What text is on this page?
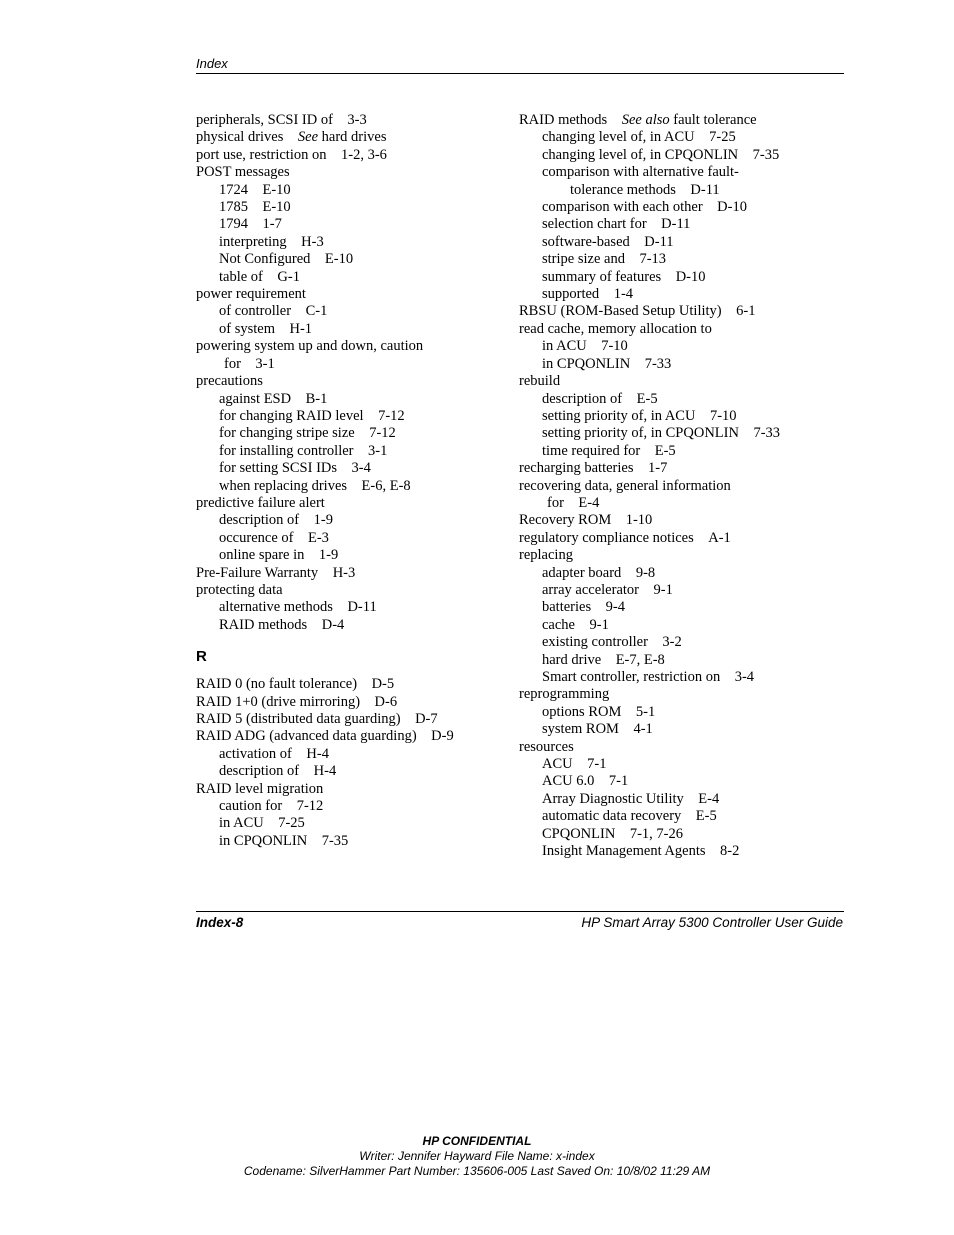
Index
peripherals, SCSI ID of  3-3
physical drives  See hard drives
port use, restriction on  1-2, 3-6
POST messages
1724  E-10
1785  E-10
1794  1-7
interpreting  H-3
Not Configured  E-10
table of  G-1
power requirement
of controller  C-1
of system  H-1
powering system up and down, caution
for  3-1
precautions
against ESD  B-1
for changing RAID level  7-12
for changing stripe size  7-12
for installing controller  3-1
for setting SCSI IDs  3-4
when replacing drives  E-6, E-8
predictive failure alert
description of  1-9
occurence of  E-3
online spare in  1-9
Pre-Failure Warranty  H-3
protecting data
alternative methods  D-11
RAID methods  D-4
R
RAID 0 (no fault tolerance)  D-5
RAID 1+0 (drive mirroring)  D-6
RAID 5 (distributed data guarding)  D-7
RAID ADG (advanced data guarding)  D-9
activation of  H-4
description of  H-4
RAID level migration
caution for  7-12
in ACU  7-25
in CPQONLIN  7-35
RAID methods  See also fault tolerance
changing level of, in ACU  7-25
changing level of, in CPQONLIN  7-35
comparison with alternative fault-
tolerance methods  D-11
comparison with each other  D-10
selection chart for  D-11
software-based  D-11
stripe size and  7-13
summary of features  D-10
supported  1-4
RBSU (ROM-Based Setup Utility)  6-1
read cache, memory allocation to
in ACU  7-10
in CPQONLIN  7-33
rebuild
description of  E-5
setting priority of, in ACU  7-10
setting priority of, in CPQONLIN  7-33
time required for  E-5
recharging batteries  1-7
recovering data, general information
for  E-4
Recovery ROM  1-10
regulatory compliance notices  A-1
replacing
adapter board  9-8
array accelerator  9-1
batteries  9-4
cache  9-1
existing controller  3-2
hard drive  E-7, E-8
Smart controller, restriction on  3-4
reprogramming
options ROM  5-1
system ROM  4-1
resources
ACU  7-1
ACU 6.0  7-1
Array Diagnostic Utility  E-4
automatic data recovery  E-5
CPQONLIN  7-1, 7-26
Insight Management Agents  8-2
Index-8	HP Smart Array 5300 Controller User Guide
HP CONFIDENTIAL
Writer: Jennifer Hayward File Name: x-index
Codename: SilverHammer Part Number: 135606-005 Last Saved On: 10/8/02 11:29 AM
